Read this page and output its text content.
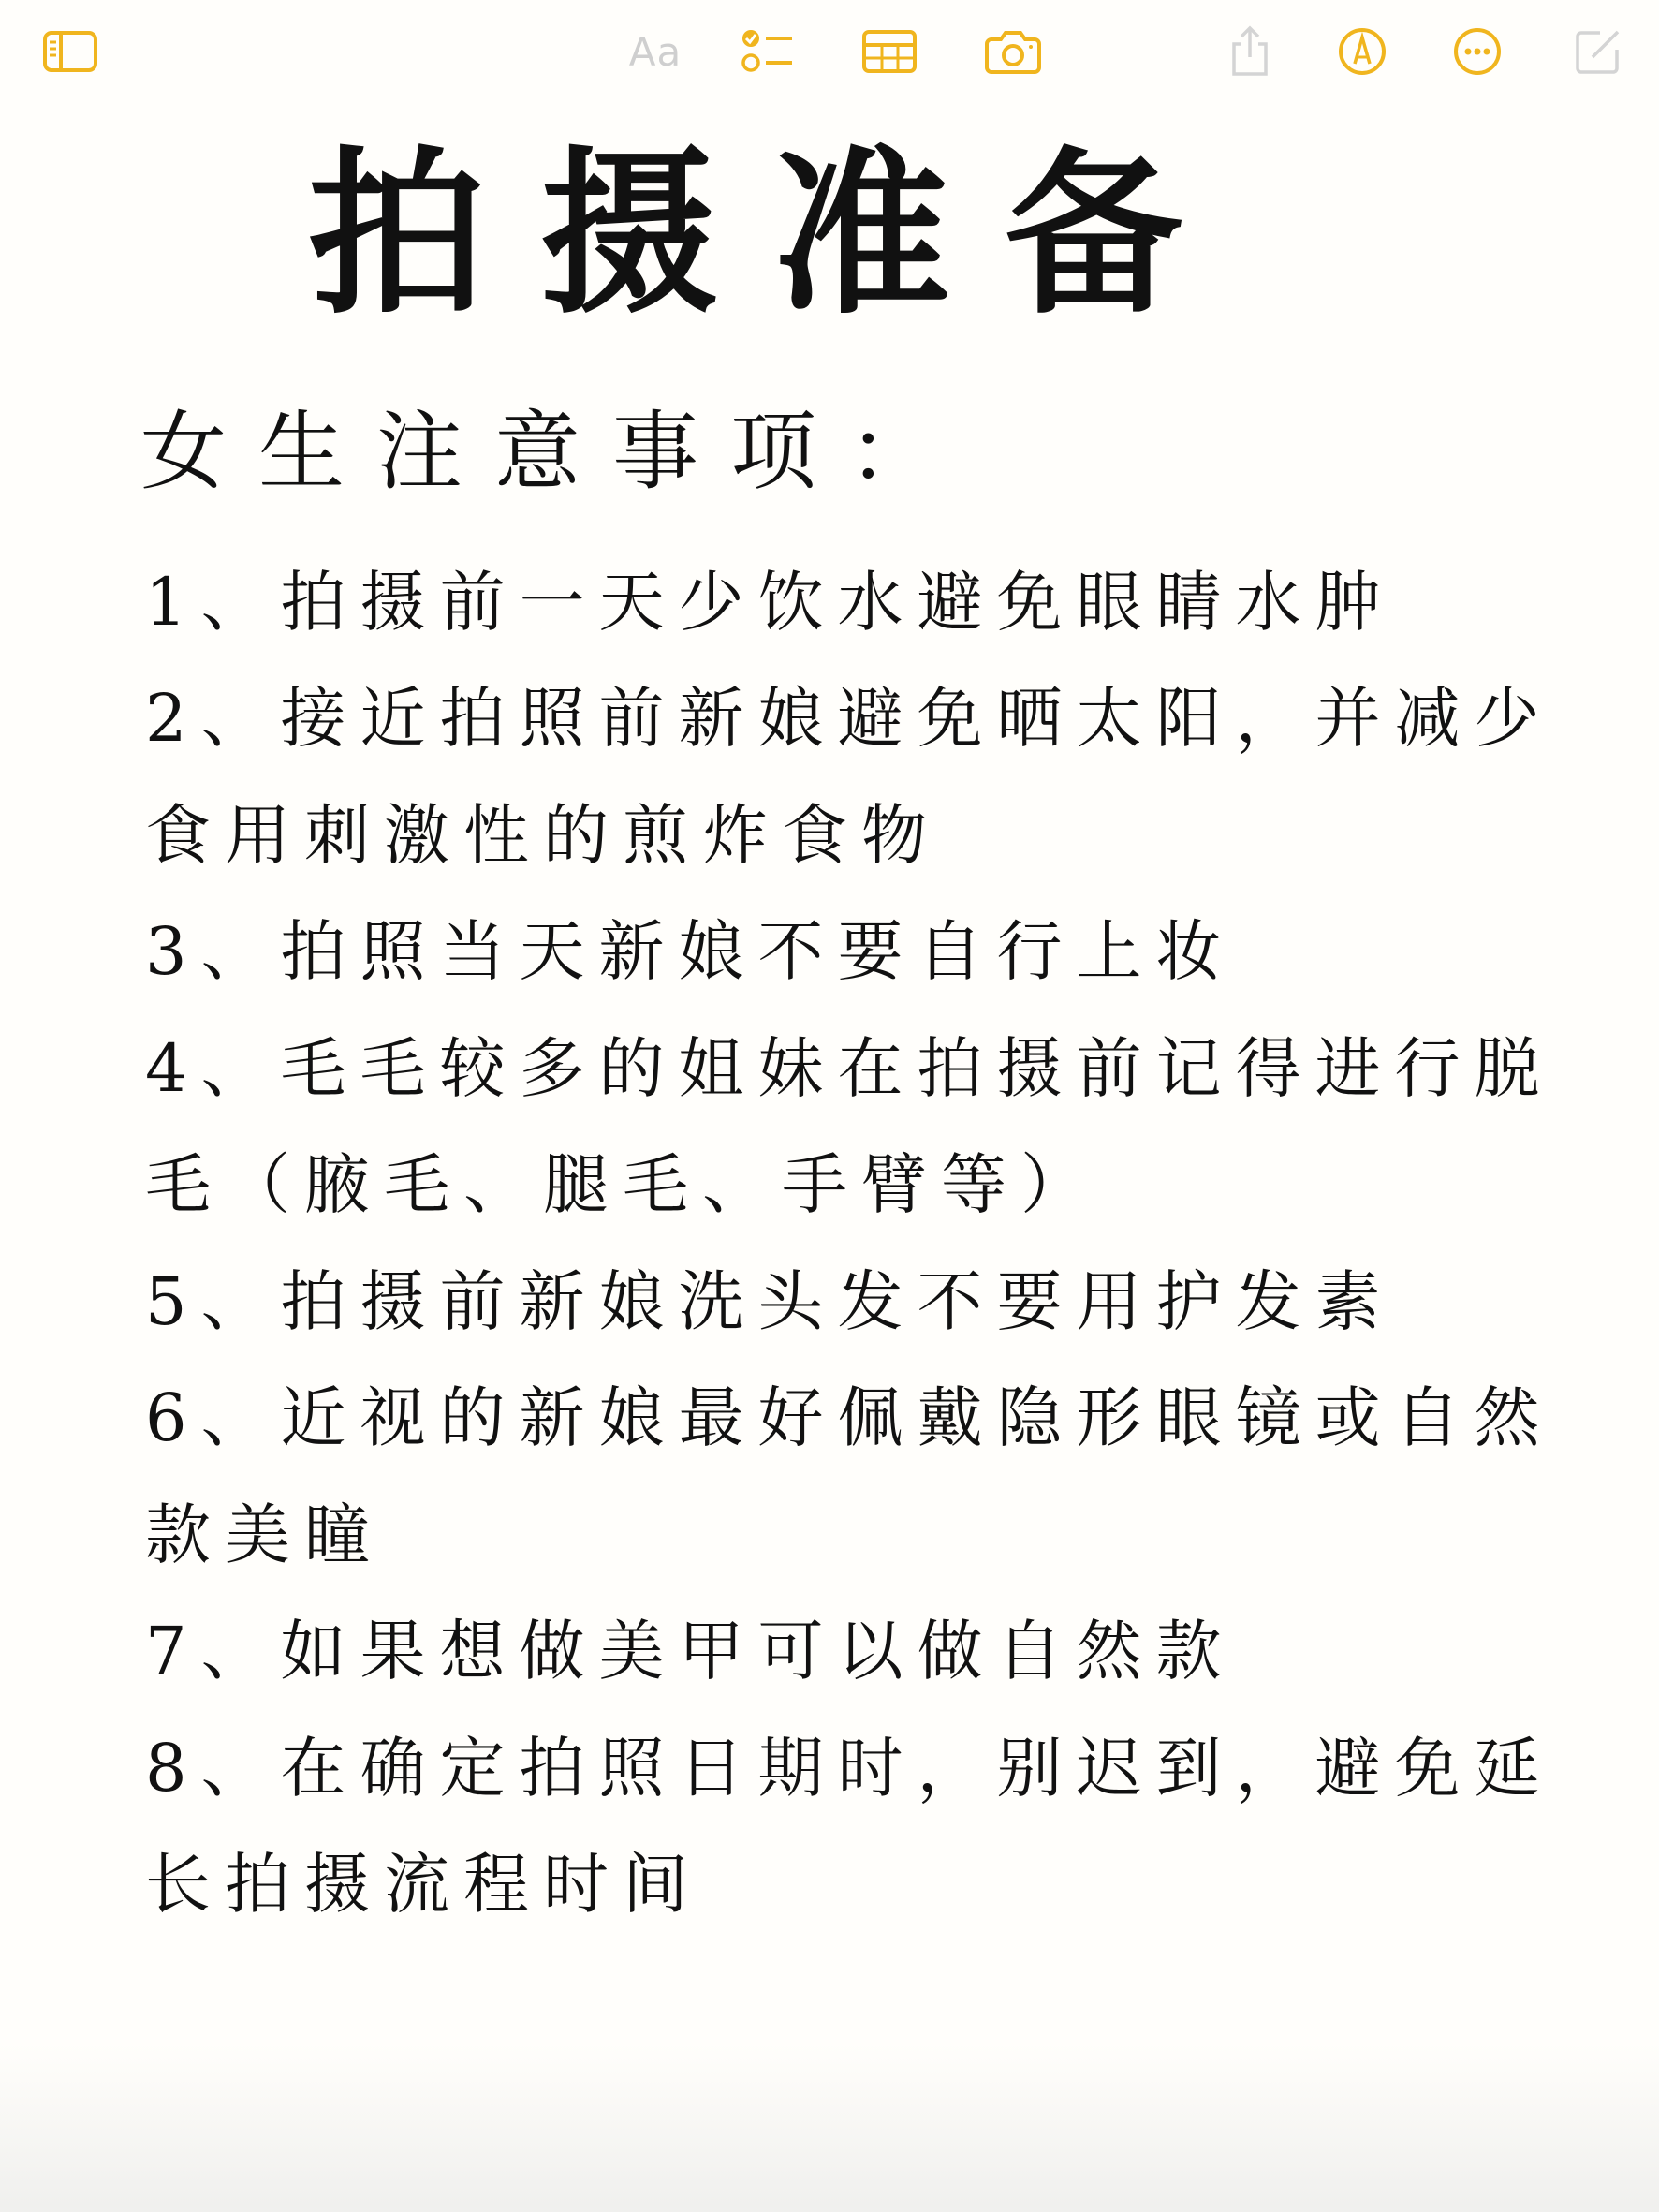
Aa
拍摄准备
女生注意事项：
1、拍摄前一天少饮水避免眼睛水肿
2、接近拍照前新娘避免晒太阳，并减少
食用刺激性的煎炸食物
3、拍照当天新娘不要自行上妆
4、毛毛较多的姐妹在拍摄前记得进行脱
毛（腋毛、腿毛、手臂等）
5、拍摄前新娘洗头发不要用护发素
6、近视的新娘最好佩戴隐形眼镜或自然
款美瞳
7、如果想做美甲可以做自然款
8、在确定拍照日期时，别迟到，避免延
长拍摄流程时间
